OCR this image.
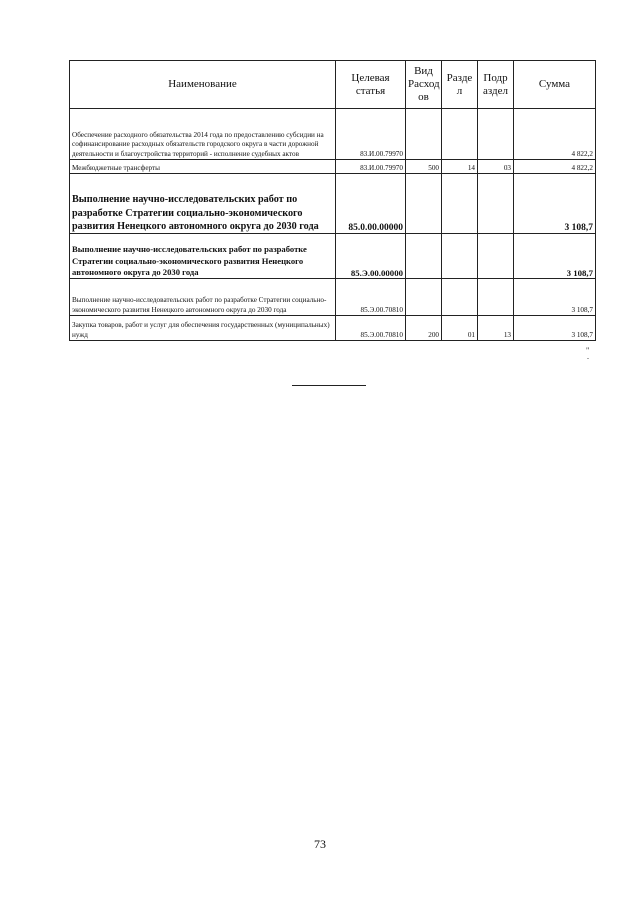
Наименование	Целевая статья	Вид Расход ов	Разде л	Подр аздел	Сумма
Обеспечение расходного обязательства 2014 года по предоставлению субсидии на софинансирование расходных обязательств городского округа в части дорожной деятельности и благоустройства территорий - исполнение судебных актов	83.И.00.79970				4 822,2
Межбюджетные трансферты	83.И.00.79970	500	14	03	4 822,2
Выполнение научно-исследовательских работ по разработке Стратегии социально-экономического развития Ненецкого автономного округа до 2030 года	85.0.00.00000				3 108,7
Выполнение научно-исследовательских работ по разработке Стратегии социально-экономического развития Ненецкого автономного округа до 2030 года	85.Э.00.00000				3 108,7
Выполнение научно-исследовательских работ по разработке Стратегии социально-экономического развития Ненецкого автономного округа до 2030 года	85.Э.00.70810				3 108,7
Закупка товаров, работ и услуг для обеспечения государственных (муниципальных) нужд	85.Э.00.70810	200	01	13	3 108,7
"
-
73
